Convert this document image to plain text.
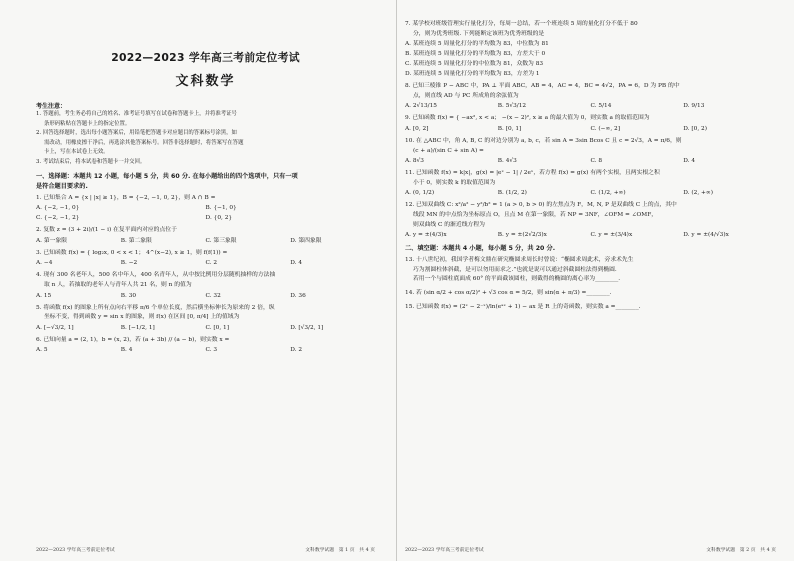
2022—2023 学年高三考前定位考试
文科数学
考生注意：
1. 答题前，考生务必将自己的姓名、准考证号填写在试卷和答题卡上，并将准考证号
条形码粘贴在答题卡上的指定位置。
2. 回答选择题时，选出每小题答案后，用铅笔把答题卡对应题目的答案标号涂黑，如
需改动，用橡皮擦干净后，再选涂其他答案标号。回答非选择题时，将答案写在答题
卡上，写在本试卷上无效。
3. 考试结束后，将本试卷和答题卡一并交回。
一、选择题：本题共 12 小题，每小题 5 分，共 60 分. 在每小题给出的四个选项中，只有一项
是符合题目要求的.
1. 已知集合 A = {x | |x| ≥ 1}，B = {−2, −1, 0, 2}，则 A ∩ B =
A. {−2, −1, 0}	B. {−1, 0}
C. {−2, −1, 2}	D. {0, 2}
2. 复数 z = (3 + 2i)/(1 − i) 在复平面内对应的点位于
A. 第一象限	B. 第二象限	C. 第三象限	D. 第四象限
3. 已知函数 f(x) = { log₂x, 0 < x < 1； 4^(x−2), x ≥ 1，则 f(f(1)) =
A. −4	B. −2	C. 2	D. 4
4. 现有 300 名老年人，500 名中年人，400 名青年人，从中按比例用分层随机抽样的方法抽
取 n 人，若抽取的老年人与青年人共 21 名，则 n 的值为
A. 15	B. 30	C. 32	D. 36
5. 将函数 f(x) 的图象上所有点向右平移 π/6 个单位长度，然后横坐标伸长为原来的 2 倍，纵
坐标不变，得到函数 y = sin x 的图象，则 f(x) 在区间 [0, π/4] 上的值域为
A. [−√3/2, 1]	B. [−1/2, 1]	C. [0, 1]	D. [√3/2, 1]
6. 已知向量 a = (2, 1)，b = (x, 2)，若 (a + 3b) // (a − b)，则实数 x =
A. 5	B. 4	C. 3	D. 2
2022—2023 学年高三考前定位考试	文科数学试题　第 1 页　共 4 页
7. 某学校对班级管理实行量化打分，每周一总结，若一个班连续 5 周的量化打分不低于 80
分，则为优秀班级. 下列能断定该班为优秀班级的是
A. 某班连续 5 周量化打分的平均数为 83，中位数为 81
B. 某班连续 5 周量化打分的平均数为 83，方差大于 0
C. 某班连续 5 周量化打分的中位数为 81，众数为 83
D. 某班连续 5 周量化打分的平均数为 83，方差为 1
8. 已知三棱锥 P − ABC 中，PA ⊥ 平面 ABC，AB = 4，AC = 4，BC = 4√2，PA = 6，D 为 PB 的中
点，则直线 AD 与 PC 所成角的余弦值为
A. 2√13/15	B. 5√3/12	C. 5/14	D. 9/13
9. 已知函数 f(x) = { −ax², x < a； −(x − 2)², x ≥ a 的最大值为 0，则实数 a 的取值范围为
A. [0, 2]	B. [0, 1]	C. (−∞, 2]	D. [0, 2)
10. 在 △ABC 中，角 A, B, C 的对边分别为 a, b, c，若 sin A = 3sin Bcos C 且 c = 2√3，A = π/6，则
(c + a)/(sin C + sin A) =
A. 8√3	B. 4√3	C. 8	D. 4
11. 已知函数 f(x) = k|x|，g(x) = |eˣ − 1| / 2eˣ，若方程 f(x) = g(x) 有两个实根，且两实根之积
小于 0，则实数 k 的取值范围为
A. (0, 1/2)	B. (1/2, 2)	C. (1/2, +∞)	D. (2, +∞)
12. 已知双曲线 C: x²/a² − y²/b² = 1 (a > 0, b > 0) 的左焦点为 F，M, N, P 是双曲线 C 上的点，其中
线段 MN 的中点恰为坐标原点 O，且点 M 在第一象限，若 NP = 3NF，∠OFM = ∠OMF，
则双曲线 C 的渐近线方程为
A. y = ±(4/3)x	B. y = ±(2√2/3)x	C. y = ±(3/4)x	D. y = ±(4/√3)x
二、填空题：本题共 4 小题，每小题 5 分，共 20 分.
13. 十八世纪初，我国学者梅文鼎在研究椭圆求周长时曾说：“椭圆求周此术，旁求术先生
巧为割圆柱体斜截，是可以勿用而求之.”也就是说可以通过斜截圆柱法得到椭圆.
若用一个与圆柱底面成 60° 的平面截该圆柱，则截得的椭圆的离心率为________.
14. 若 (sin α/2 + cos α/2)² + √3 cos α = 5/2，则 sin(α + π/3) =________.
15. 已知函数 f(x) = (2ˣ − 2⁻ˣ)/ln(eᵃˣ + 1) − ax 是 R 上的奇函数，则实数 a =________.
2022—2023 学年高三考前定位考试	文科数学试题　第 2 页　共 4 页
